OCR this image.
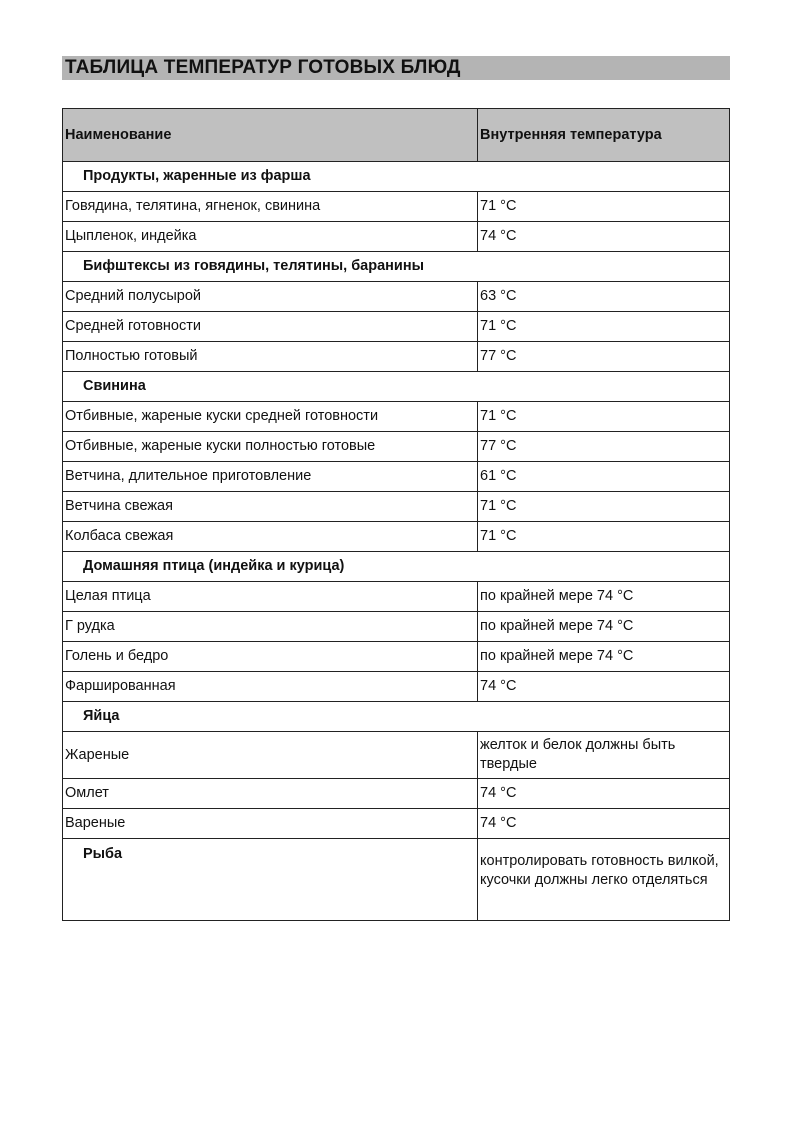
ТАБЛИЦА ТЕМПЕРАТУР ГОТОВЫХ БЛЮД
Наименование	Внутренняя температура
Продукты, жаренные из фарша	
Говядина, телятина, ягненок, свинина	71 °C
Цыпленок, индейка	74 °C
Бифштексы из говядины, телятины, баранины	
Средний полусырой	63 °C
Средней готовности	71 °C
Полностью готовый	77 °C
Свинина	
Отбивные, жареные куски средней готовности	71 °C
Отбивные, жареные куски полностью готовые	77 °C
Ветчина, длительное приготовление	61 °C
Ветчина свежая	71 °C
Колбаса свежая	71 °C
Домашняя птица (индейка и курица)	
Целая птица	по крайней мере 74 °C
Г рудка	по крайней мере 74 °C
Голень и бедро	по крайней мере 74 °C
Фаршированная	74 °C
Яйца	
Жареные	желток и белок должны быть твердые
Омлет	74 °C
Вареные	74 °C
Рыба	контролировать готовность вилкой, кусочки должны легко отделяться
